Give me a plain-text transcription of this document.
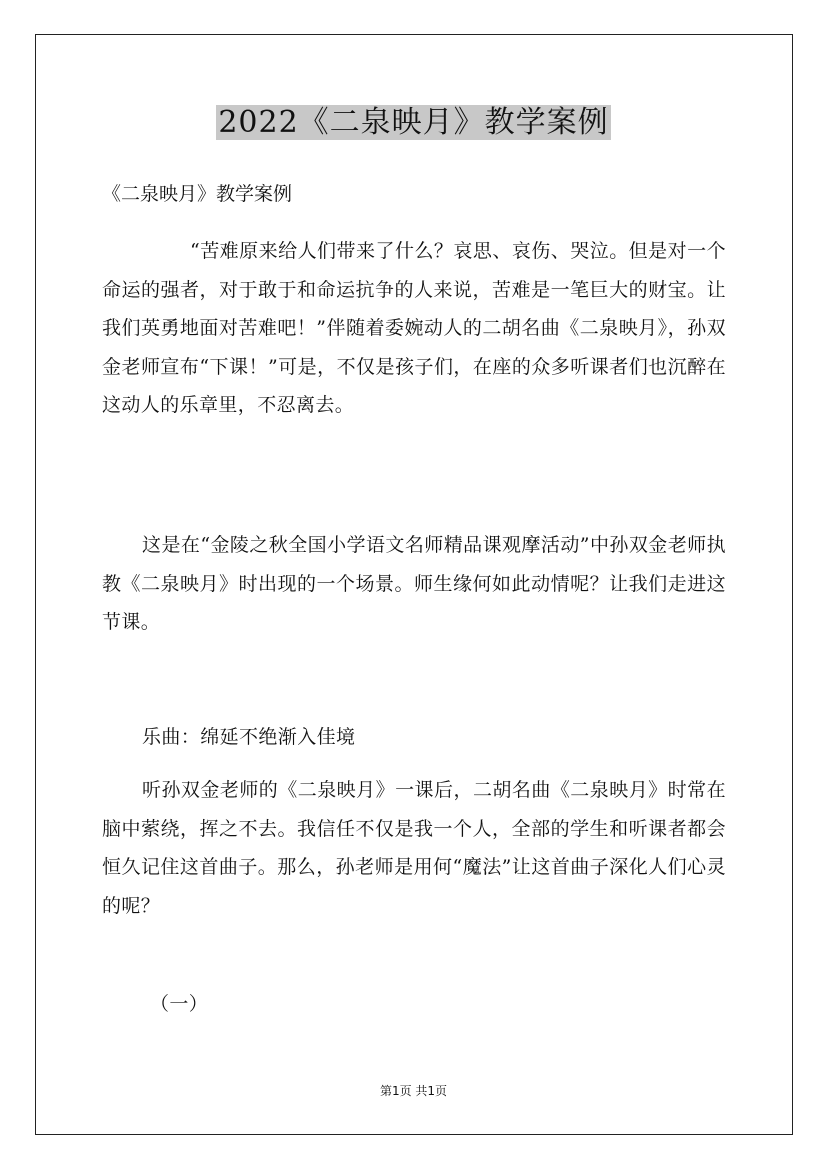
2022《二泉映月》教学案例
《二泉映月》教学案例

“苦难原来给人们带来了什么？哀思、哀伤、哭泣。但是对一个命运的强者，对于敢于和命运抗争的人来说，苦难是一笔巨大的财宝。让我们英勇地面对苦难吧！”伴随着委婉动人的二胡名曲《二泉映月》，孙双金老师宣布“下课！”可是，不仅是孩子们，在座的众多听课者们也沉醉在这动人的乐章里，不忍离去。

这是在“金陵之秋全国小学语文名师精品课观摩活动”中孙双金老师执教《二泉映月》时出现的一个场景。师生缘何如此动情呢？让我们走进这节课。

乐曲：绵延不绝渐入佳境

听孙双金老师的《二泉映月》一课后，二胡名曲《二泉映月》时常在脑中萦绕，挥之不去。我信任不仅是我一个人，全部的学生和听课者都会恒久记住这首曲子。那么，孙老师是用何“魔法”让这首曲子深化人们心灵的呢？

（一）

第1页 共1页
